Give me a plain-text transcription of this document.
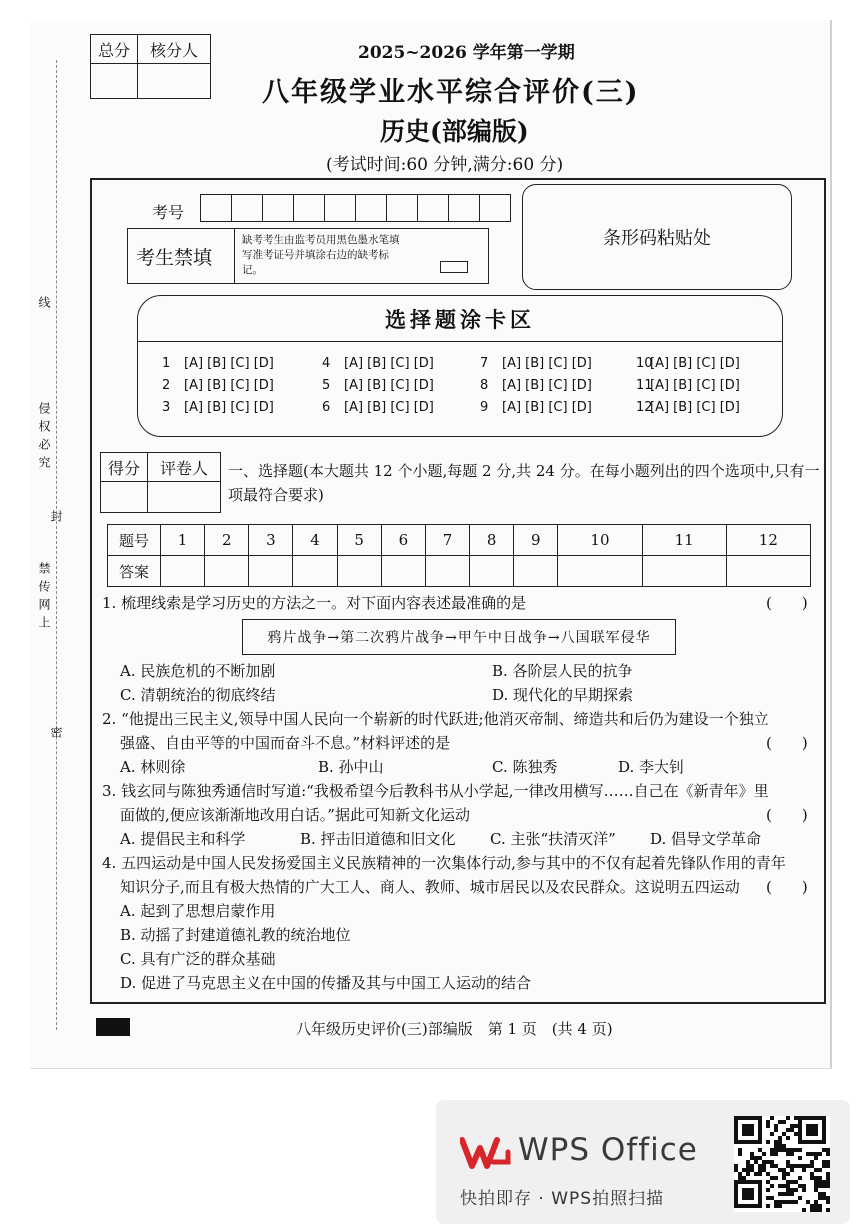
总分	核分人
		2025~2026 学年第一学期
八年级学业水平综合评价(三)
历史(部编版)
(考试时间:60 分钟,满分:60 分)
线
侵权必究
封
禁传网上
密
考号
考生禁填
缺考考生由监考员用黑色墨水笔填写准考证号并填涂右边的缺考标记。
条形码粘贴处
选择题涂卡区
1 [A] [B] [C] [D]
2 [A] [B] [C] [D]
3 [A] [B] [C] [D]
4 [A] [B] [C] [D]
5 [A] [B] [C] [D]
6 [A] [B] [C] [D]
7 [A] [B] [C] [D]
8 [A] [B] [C] [D]
9 [A] [B] [C] [D]
10[A] [B] [C] [D]
11[A] [B] [C] [D]
12[A] [B] [C] [D]
得分	评卷人
	一、选择题(本大题共 12 个小题,每题 2 分,共 24 分。在每小题列出的四个选项中,只有一项最符合要求)
题号	1	2	3	4	5	6	7	8	9	10	11	12
答案												
1. 梳理线索是学习历史的方法之一。对下面内容表述最准确的是	(　　)
鸦片战争→第二次鸦片战争→甲午中日战争→八国联军侵华
A. 民族危机的不断加剧	B. 各阶层人民的抗争
C. 清朝统治的彻底终结	D. 现代化的早期探索
2. “他提出三民主义,领导中国人民向一个崭新的时代跃进;他消灭帝制、缔造共和后仍为建设一个独立
强盛、自由平等的中国而奋斗不息。”材料评述的是	(　　)
A. 林则徐	B. 孙中山	C. 陈独秀	D. 李大钊
3. 钱玄同与陈独秀通信时写道:“我极希望今后教科书从小学起,一律改用横写……自己在《新青年》里
面做的,便应该渐渐地改用白话。”据此可知新文化运动	(　　)
A. 提倡民主和科学	B. 抨击旧道德和旧文化 C. 主张“扶清灭洋” D. 倡导文学革命
4. 五四运动是中国人民发扬爱国主义民族精神的一次集体行动,参与其中的不仅有起着先锋队作用的青年
知识分子,而且有极大热情的广大工人、商人、教师、城市居民以及农民群众。这说明五四运动 (　　)
A. 起到了思想启蒙作用
B. 动摇了封建道德礼教的统治地位
C. 具有广泛的群众基础
D. 促进了马克思主义在中国的传播及其与中国工人运动的结合
八年级历史评价(三)部编版　第 1 页　(共 4 页)
WPS Office
快拍即存 · WPS拍照扫描
